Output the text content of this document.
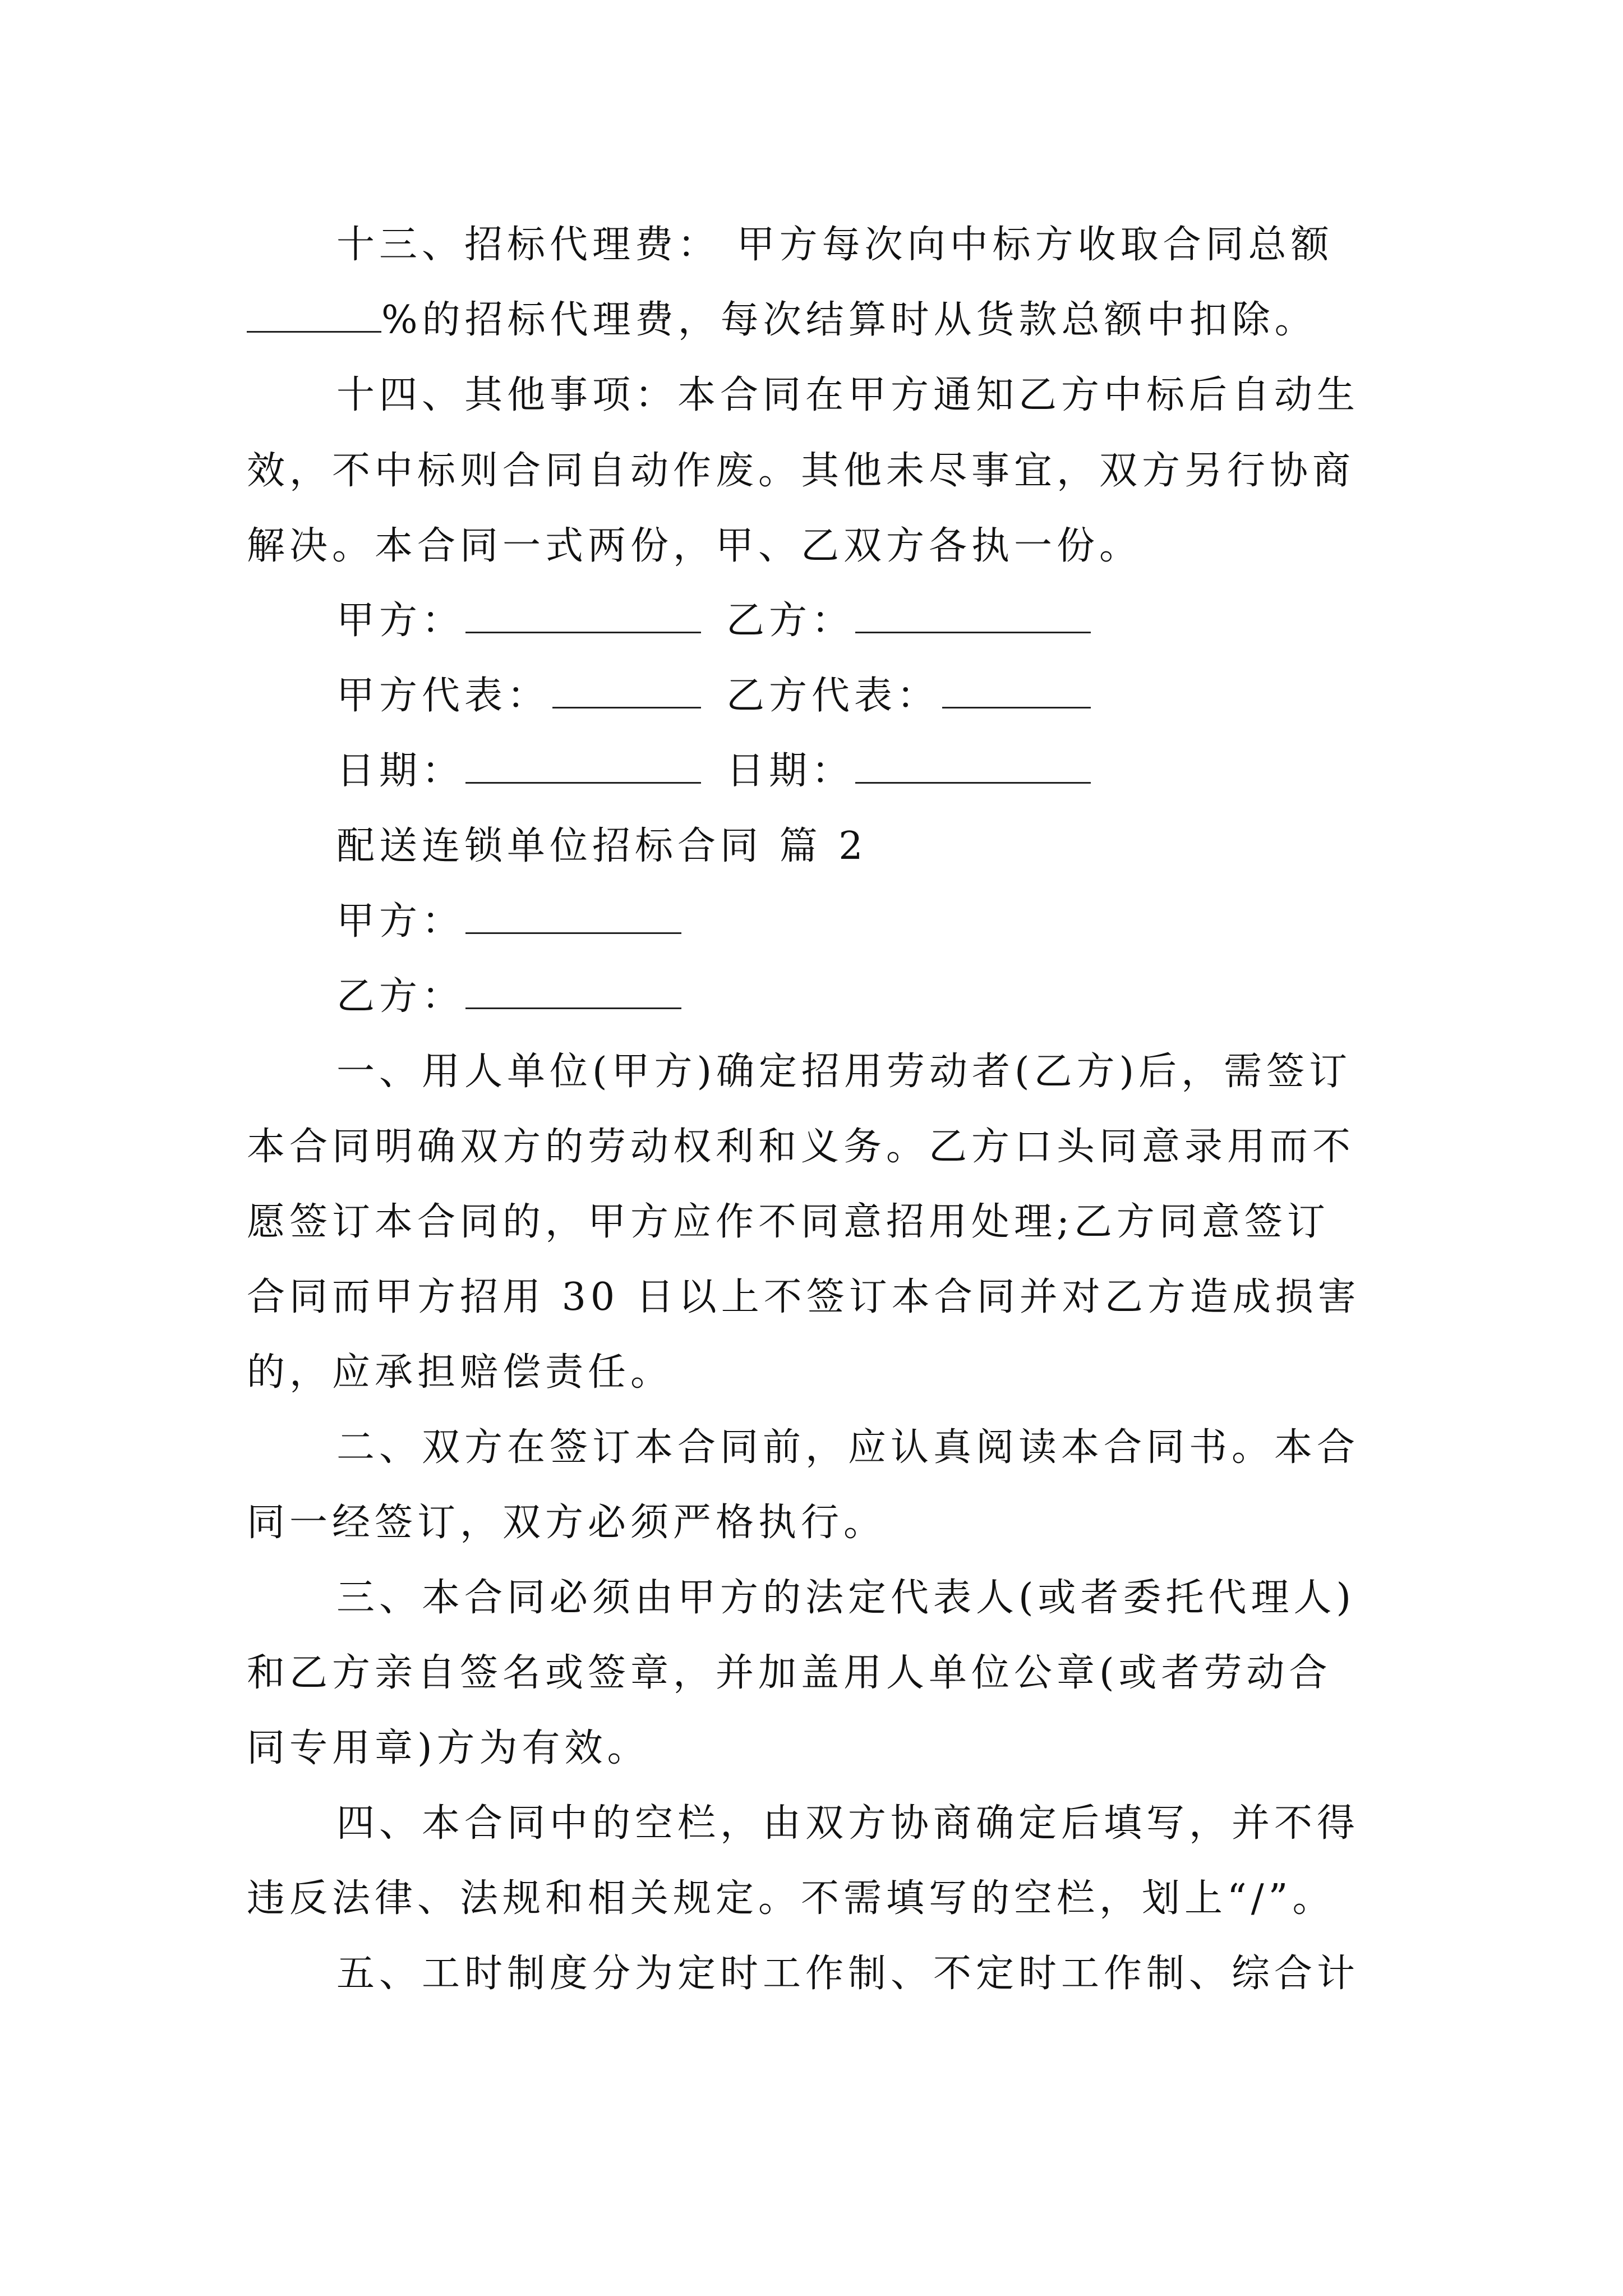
十三、招标代理费： 甲方每次向中标方收取合同总额
%的招标代理费，每次结算时从货款总额中扣除。
十四、其他事项：本合同在甲方通知乙方中标后自动生
效，不中标则合同自动作废。其他未尽事宜，双方另行协商
解决。本合同一式两份，甲、乙双方各执一份。
甲方：	乙方：
甲方代表：	乙方代表：
日期：	日期：
配送连锁单位招标合同 篇 2
甲方：
乙方：
一、用人单位(甲方)确定招用劳动者(乙方)后，需签订
本合同明确双方的劳动权利和义务。乙方口头同意录用而不
愿签订本合同的，甲方应作不同意招用处理;乙方同意签订
合同而甲方招用 30 日以上不签订本合同并对乙方造成损害
的，应承担赔偿责任。
二、双方在签订本合同前，应认真阅读本合同书。本合
同一经签订，双方必须严格执行。
三、本合同必须由甲方的法定代表人(或者委托代理人)
和乙方亲自签名或签章，并加盖用人单位公章(或者劳动合
同专用章)方为有效。
四、本合同中的空栏，由双方协商确定后填写，并不得
违反法律、法规和相关规定。不需填写的空栏，划上“/”。
五、工时制度分为定时工作制、不定时工作制、综合计
